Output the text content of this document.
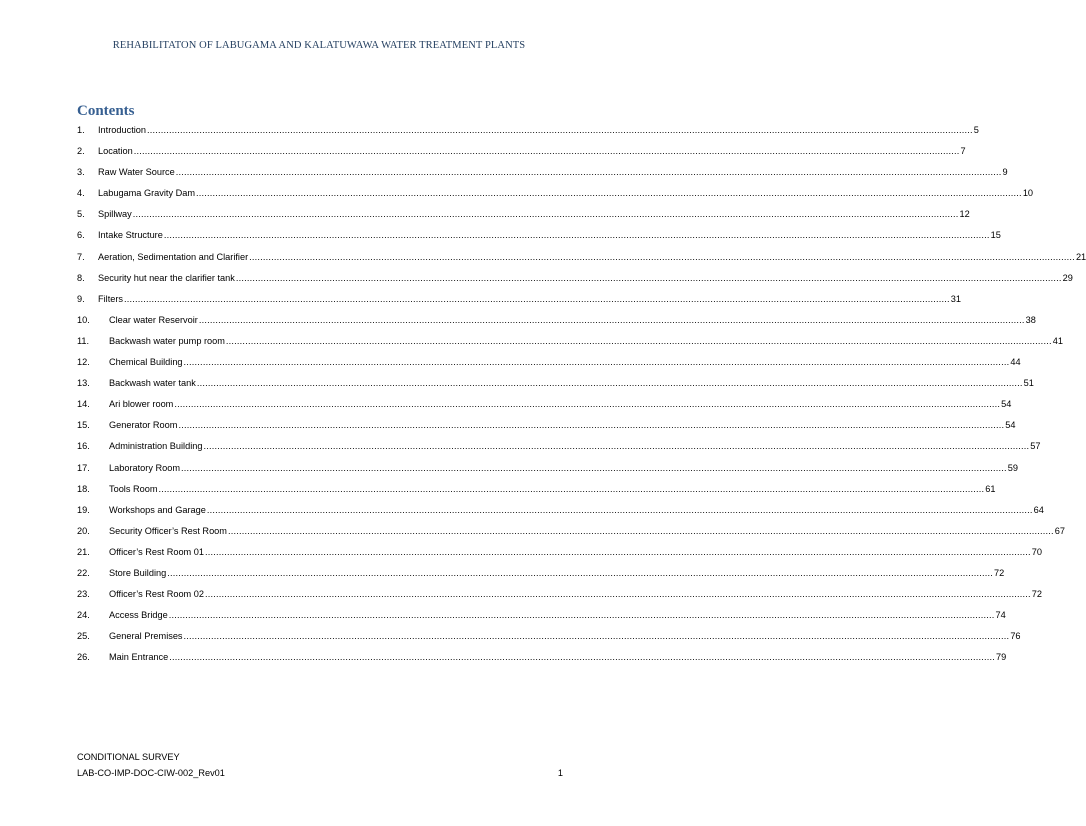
REHABILITATON OF LABUGAMA AND KALATUWAWA WATER TREATMENT PLANTS
Contents
1.	Introduction ............................................................................................................................................................................................................................................................................................................ 5
2.	Location ............................................................................................................................................................................................................................................................................................................ 7
3.	Raw Water Source ............................................................................................................................................................................................................................................................................................................ 9
4.	Labugama Gravity Dam ............................................................................................................................................................................................................................................................................................................ 10
5.	Spillway ............................................................................................................................................................................................................................................................................................................ 12
6.	Intake Structure ............................................................................................................................................................................................................................................................................................................ 15
7.	Aeration, Sedimentation and Clarifier ............................................................................................................................................................................................................................................................................................................ 21
8.	Security hut near the clarifier tank ............................................................................................................................................................................................................................................................................................................ 29
9.	Filters ............................................................................................................................................................................................................................................................................................................ 31
10.	Clear water Reservoir ............................................................................................................................................................................................................................................................................................................ 38
11.	Backwash water pump room ............................................................................................................................................................................................................................................................................................................ 41
12.	Chemical Building ............................................................................................................................................................................................................................................................................................................ 44
13.	Backwash water tank ............................................................................................................................................................................................................................................................................................................ 51
14.	Ari blower room ............................................................................................................................................................................................................................................................................................................ 54
15.	Generator Room ............................................................................................................................................................................................................................................................................................................ 54
16.	Administration Building ............................................................................................................................................................................................................................................................................................................ 57
17.	Laboratory Room ............................................................................................................................................................................................................................................................................................................ 59
18.	Tools Room ............................................................................................................................................................................................................................................................................................................ 61
19.	Workshops and Garage ............................................................................................................................................................................................................................................................................................................ 64
20.	Security Officer’s Rest Room ............................................................................................................................................................................................................................................................................................................ 67
21.	Officer’s Rest Room 01 ............................................................................................................................................................................................................................................................................................................ 70
22.	Store Building ............................................................................................................................................................................................................................................................................................................ 72
23.	Officer’s Rest Room 02 ............................................................................................................................................................................................................................................................................................................ 72
24.	Access Bridge ............................................................................................................................................................................................................................................................................................................ 74
25.	General Premises ............................................................................................................................................................................................................................................................................................................ 76
26.	Main Entrance ............................................................................................................................................................................................................................................................................................................ 79
CONDITIONAL SURVEY
LAB-CO-IMP-DOC-CIW-002_Rev01	1
